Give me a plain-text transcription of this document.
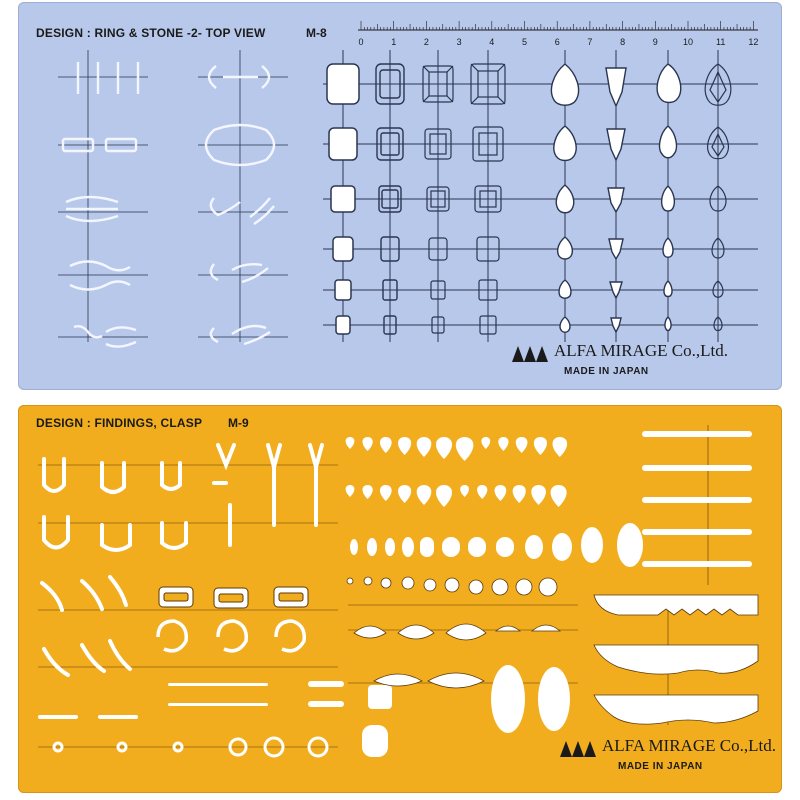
DESIGN : RING & STONE -2- TOP VIEW	M-8
0	1	2	3	4	5	6	7	8	9	10	11	12
ALFA MIRAGE Co.,Ltd.
MADE IN JAPAN
DESIGN : FINDINGS, CLASP M-9
ALFA MIRAGE Co.,Ltd.
MADE IN JAPAN
